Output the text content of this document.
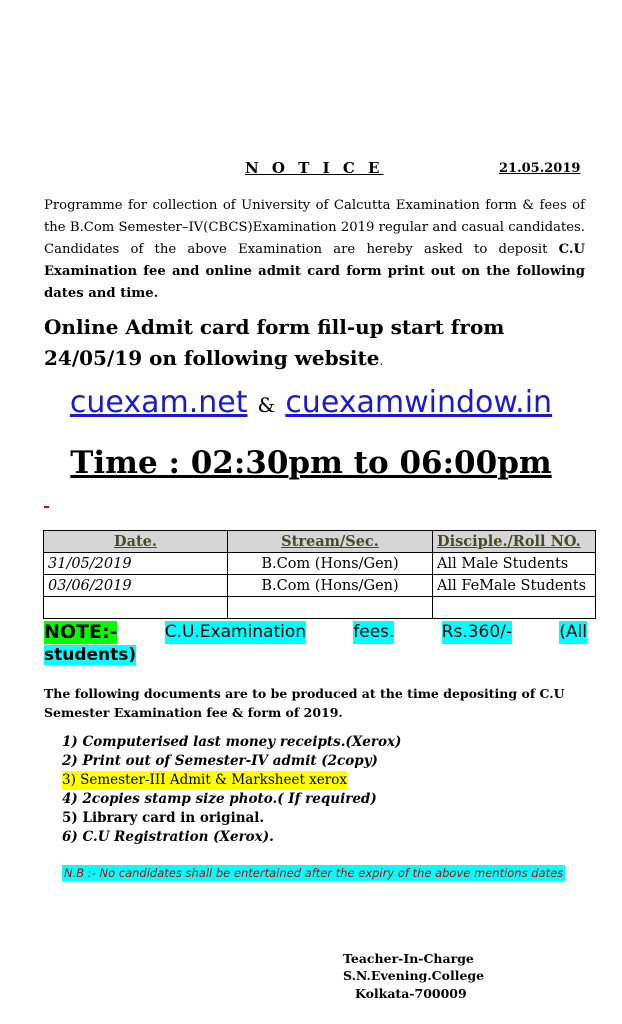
N O T I C E	21.05.2019
Programme for collection of University of Calcutta Examination form & fees of the B.Com Semester–IV(CBCS)Examination 2019 regular and casual candidates. Candidates of the above Examination are hereby asked to deposit C.U Examination fee and online admit card form print out on the following dates and time.
Online Admit card form fill-up start from 24/05/19 on following website.
cuexam.net & cuexamwindow.in
Time : 02:30pm to 06:00pm
Date.	Stream/Sec.	Disciple./Roll NO.
31/05/2019	B.Com (Hons/Gen)	All Male Students
03/06/2019	B.Com (Hons/Gen)	All FeMale Students

NOTE:-	C.U.Examination	fees.	Rs.360/-	(All
students)
The following documents are to be produced at the time depositing of C.U Semester Examination fee & form of 2019.
1) Computerised last money receipts.(Xerox)
2) Print out of Semester-IV admit (2copy)
3) Semester-III Admit & Marksheet xerox
4) 2copies stamp size photo.( If required)
5) Library card in original.
6) C.U Registration (Xerox).
N.B :- No candidates shall be entertained after the expiry of the above mentions dates
Teacher-In-Charge
S.N.Evening.College
Kolkata-700009
